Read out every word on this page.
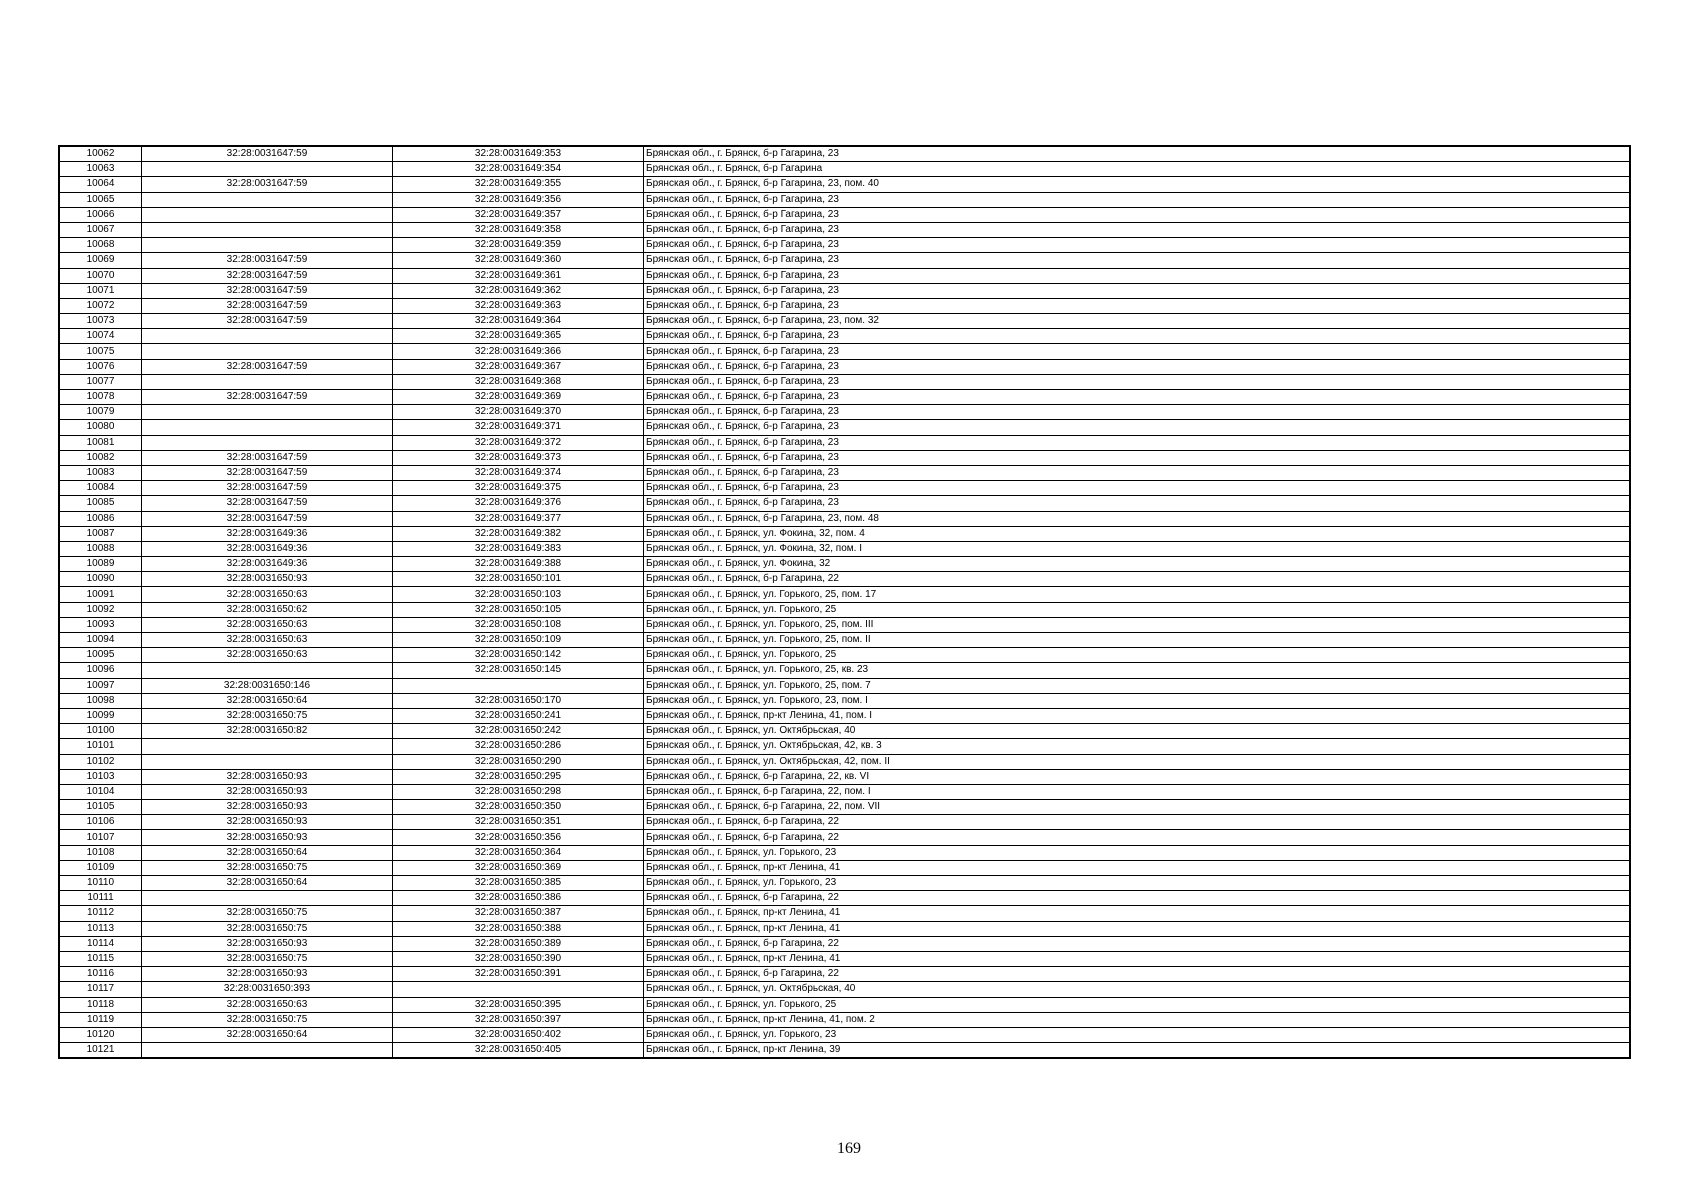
10062	32:28:0031647:59	32:28:0031649:353	Брянская обл., г. Брянск, б-р Гагарина, 23
10063		32:28:0031649:354	Брянская обл., г. Брянск, б-р Гагарина
10064	32:28:0031647:59	32:28:0031649:355	Брянская обл., г. Брянск, б-р Гагарина, 23, пом. 40
10065		32:28:0031649:356	Брянская обл., г. Брянск, б-р Гагарина, 23
10066		32:28:0031649:357	Брянская обл., г. Брянск, б-р Гагарина, 23
10067		32:28:0031649:358	Брянская обл., г. Брянск, б-р Гагарина, 23
10068		32:28:0031649:359	Брянская обл., г. Брянск, б-р Гагарина, 23
10069	32:28:0031647:59	32:28:0031649:360	Брянская обл., г. Брянск, б-р Гагарина, 23
10070	32:28:0031647:59	32:28:0031649:361	Брянская обл., г. Брянск, б-р Гагарина, 23
10071	32:28:0031647:59	32:28:0031649:362	Брянская обл., г. Брянск, б-р Гагарина, 23
10072	32:28:0031647:59	32:28:0031649:363	Брянская обл., г. Брянск, б-р Гагарина, 23
10073	32:28:0031647:59	32:28:0031649:364	Брянская обл., г. Брянск, б-р Гагарина, 23, пом. 32
10074		32:28:0031649:365	Брянская обл., г. Брянск, б-р Гагарина, 23
10075		32:28:0031649:366	Брянская обл., г. Брянск, б-р Гагарина, 23
10076	32:28:0031647:59	32:28:0031649:367	Брянская обл., г. Брянск, б-р Гагарина, 23
10077		32:28:0031649:368	Брянская обл., г. Брянск, б-р Гагарина, 23
10078	32:28:0031647:59	32:28:0031649:369	Брянская обл., г. Брянск, б-р Гагарина, 23
10079		32:28:0031649:370	Брянская обл., г. Брянск, б-р Гагарина, 23
10080		32:28:0031649:371	Брянская обл., г. Брянск, б-р Гагарина, 23
10081		32:28:0031649:372	Брянская обл., г. Брянск, б-р Гагарина, 23
10082	32:28:0031647:59	32:28:0031649:373	Брянская обл., г. Брянск, б-р Гагарина, 23
10083	32:28:0031647:59	32:28:0031649:374	Брянская обл., г. Брянск, б-р Гагарина, 23
10084	32:28:0031647:59	32:28:0031649:375	Брянская обл., г. Брянск, б-р Гагарина, 23
10085	32:28:0031647:59	32:28:0031649:376	Брянская обл., г. Брянск, б-р Гагарина, 23
10086	32:28:0031647:59	32:28:0031649:377	Брянская обл., г. Брянск, б-р Гагарина, 23, пом. 48
10087	32:28:0031649:36	32:28:0031649:382	Брянская обл., г. Брянск, ул. Фокина, 32, пом. 4
10088	32:28:0031649:36	32:28:0031649:383	Брянская обл., г. Брянск, ул. Фокина, 32, пом. I
10089	32:28:0031649:36	32:28:0031649:388	Брянская обл., г. Брянск, ул. Фокина, 32
10090	32:28:0031650:93	32:28:0031650:101	Брянская обл., г. Брянск, б-р Гагарина, 22
10091	32:28:0031650:63	32:28:0031650:103	Брянская обл., г. Брянск, ул. Горького, 25, пом. 17
10092	32:28:0031650:62	32:28:0031650:105	Брянская обл., г. Брянск, ул. Горького, 25
10093	32:28:0031650:63	32:28:0031650:108	Брянская обл., г. Брянск, ул. Горького, 25, пом. III
10094	32:28:0031650:63	32:28:0031650:109	Брянская обл., г. Брянск, ул. Горького, 25, пом. II
10095	32:28:0031650:63	32:28:0031650:142	Брянская обл., г. Брянск, ул. Горького, 25
10096		32:28:0031650:145	Брянская обл., г. Брянск, ул. Горького, 25, кв. 23
10097	32:28:0031650:146		Брянская обл., г. Брянск, ул. Горького, 25, пом. 7
10098	32:28:0031650:64	32:28:0031650:170	Брянская обл., г. Брянск, ул. Горького, 23, пом. I
10099	32:28:0031650:75	32:28:0031650:241	Брянская обл., г. Брянск, пр-кт Ленина, 41, пом. I
10100	32:28:0031650:82	32:28:0031650:242	Брянская обл., г. Брянск, ул. Октябрьская, 40
10101		32:28:0031650:286	Брянская обл., г. Брянск, ул. Октябрьская, 42, кв. 3
10102		32:28:0031650:290	Брянская обл., г. Брянск, ул. Октябрьская, 42, пом. II
10103	32:28:0031650:93	32:28:0031650:295	Брянская обл., г. Брянск, б-р Гагарина, 22, кв. VI
10104	32:28:0031650:93	32:28:0031650:298	Брянская обл., г. Брянск, б-р Гагарина, 22, пом. I
10105	32:28:0031650:93	32:28:0031650:350	Брянская обл., г. Брянск, б-р Гагарина, 22, пом. VII
10106	32:28:0031650:93	32:28:0031650:351	Брянская обл., г. Брянск, б-р Гагарина, 22
10107	32:28:0031650:93	32:28:0031650:356	Брянская обл., г. Брянск, б-р Гагарина, 22
10108	32:28:0031650:64	32:28:0031650:364	Брянская обл., г. Брянск, ул. Горького, 23
10109	32:28:0031650:75	32:28:0031650:369	Брянская обл., г. Брянск, пр-кт Ленина, 41
10110	32:28:0031650:64	32:28:0031650:385	Брянская обл., г. Брянск, ул. Горького, 23
10111		32:28:0031650:386	Брянская обл., г. Брянск, б-р Гагарина, 22
10112	32:28:0031650:75	32:28:0031650:387	Брянская обл., г. Брянск, пр-кт Ленина, 41
10113	32:28:0031650:75	32:28:0031650:388	Брянская обл., г. Брянск, пр-кт Ленина, 41
10114	32:28:0031650:93	32:28:0031650:389	Брянская обл., г. Брянск, б-р Гагарина, 22
10115	32:28:0031650:75	32:28:0031650:390	Брянская обл., г. Брянск, пр-кт Ленина, 41
10116	32:28:0031650:93	32:28:0031650:391	Брянская обл., г. Брянск, б-р Гагарина, 22
10117	32:28:0031650:393		Брянская обл., г. Брянск, ул. Октябрьская, 40
10118	32:28:0031650:63	32:28:0031650:395	Брянская обл., г. Брянск, ул. Горького, 25
10119	32:28:0031650:75	32:28:0031650:397	Брянская обл., г. Брянск, пр-кт Ленина, 41, пом. 2
10120	32:28:0031650:64	32:28:0031650:402	Брянская обл., г. Брянск, ул. Горького, 23
10121		32:28:0031650:405	Брянская обл., г. Брянск, пр-кт Ленина, 39
169
